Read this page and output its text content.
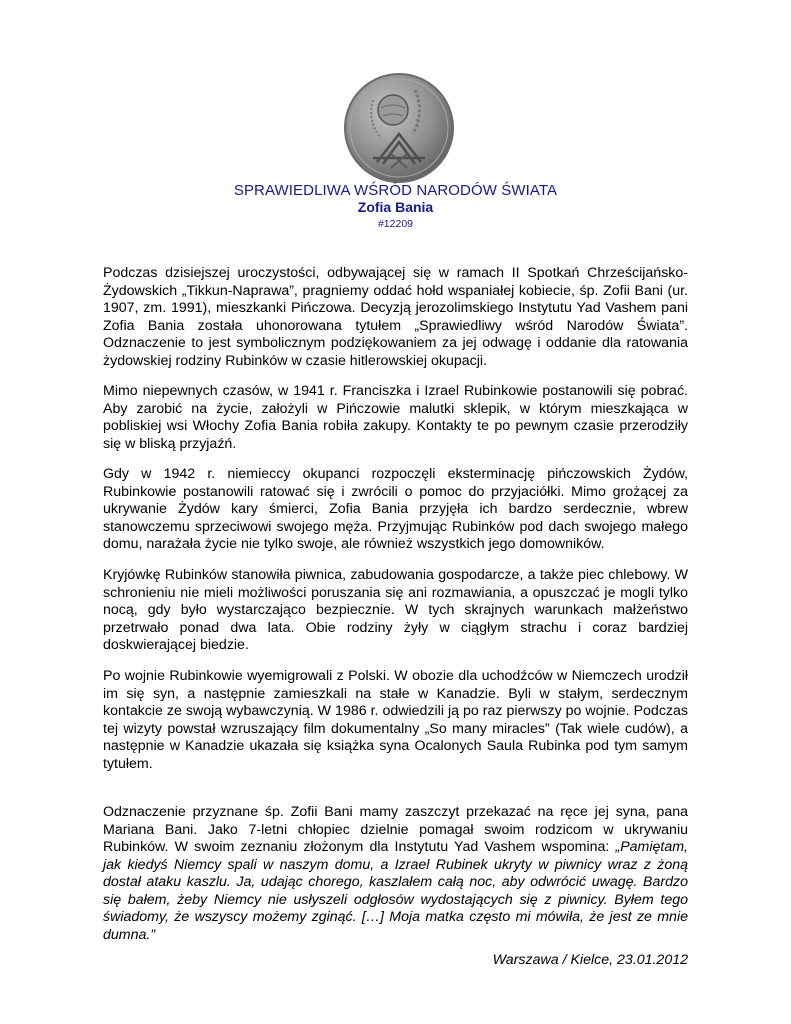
SPRAWIEDLIWA WŚRÓD NARODÓW ŚWIATA
Zofia Bania
#12209

Podczas dzisiejszej uroczystości, odbywającej się w ramach II Spotkań Chrześcijańsko-Żydowskich „Tikkun-Naprawa”, pragniemy oddać hołd wspaniałej kobiecie, śp. Zofii Bani (ur. 1907, zm. 1991), mieszkanki Pińczowa. Decyzją jerozolimskiego Instytutu Yad Vashem pani Zofia Bania została uhonorowana tytułem „Sprawiedliwy wśród Narodów Świata”. Odznaczenie to jest symbolicznym podziękowaniem za jej odwagę i oddanie dla ratowania żydowskiej rodziny Rubinków w czasie hitlerowskiej okupacji.

Mimo niepewnych czasów, w 1941 r. Franciszka i Izrael Rubinkowie postanowili się pobrać. Aby zarobić na życie, założyli w Pińczowie malutki sklepik, w którym mieszkająca w pobliskiej wsi Włochy Zofia Bania robiła zakupy. Kontakty te po pewnym czasie przerodziły się w bliską przyjaźń.

Gdy w 1942 r. niemieccy okupanci rozpoczęli eksterminację pińczowskich Żydów, Rubinkowie postanowili ratować się i zwrócili o pomoc do przyjaciółki. Mimo grożącej za ukrywanie Żydów kary śmierci, Zofia Bania przyjęła ich bardzo serdecznie, wbrew stanowczemu sprzeciwowi swojego męża. Przyjmując Rubinków pod dach swojego małego domu, narażała życie nie tylko swoje, ale również wszystkich jego domowników.

Kryjówkę Rubinków stanowiła piwnica, zabudowania gospodarcze, a także piec chlebowy. W schronieniu nie mieli możliwości poruszania się ani rozmawiania, a opuszczać je mogli tylko nocą, gdy było wystarczająco bezpiecznie. W tych skrajnych warunkach małżeństwo przetrwało ponad dwa lata. Obie rodziny żyły w ciągłym strachu i coraz bardziej doskwierającej biedzie.

Po wojnie Rubinkowie wyemigrowali z Polski. W obozie dla uchodźców w Niemczech urodził im się syn, a następnie zamieszkali na stałe w Kanadzie. Byli w stałym, serdecznym kontakcie ze swoją wybawczynią. W 1986 r. odwiedzili ją po raz pierwszy po wojnie. Podczas tej wizyty powstał wzruszający film dokumentalny „So many miracles” (Tak wiele cudów), a następnie w Kanadzie ukazała się książka syna Ocalonych Saula Rubinka pod tym samym tytułem.

Odznaczenie przyznane śp. Zofii Bani mamy zaszczyt przekazać na ręce jej syna, pana Mariana Bani. Jako 7-letni chłopiec dzielnie pomagał swoim rodzicom w ukrywaniu Rubinków. W swoim zeznaniu złożonym dla Instytutu Yad Vashem wspomina: „Pamiętam, jak kiedyś Niemcy spali w naszym domu, a Izrael Rubinek ukryty w piwnicy wraz z żoną dostał ataku kaszlu. Ja, udając chorego, kaszlałem całą noc, aby odwrócić uwagę. Bardzo się bałem, żeby Niemcy nie usłyszeli odgłosów wydostających się z piwnicy. Byłem tego świadomy, że wszyscy możemy zginąć. […] Moja matka często mi mówiła, że jest ze mnie dumna.”

Warszawa / Kielce, 23.01.2012
